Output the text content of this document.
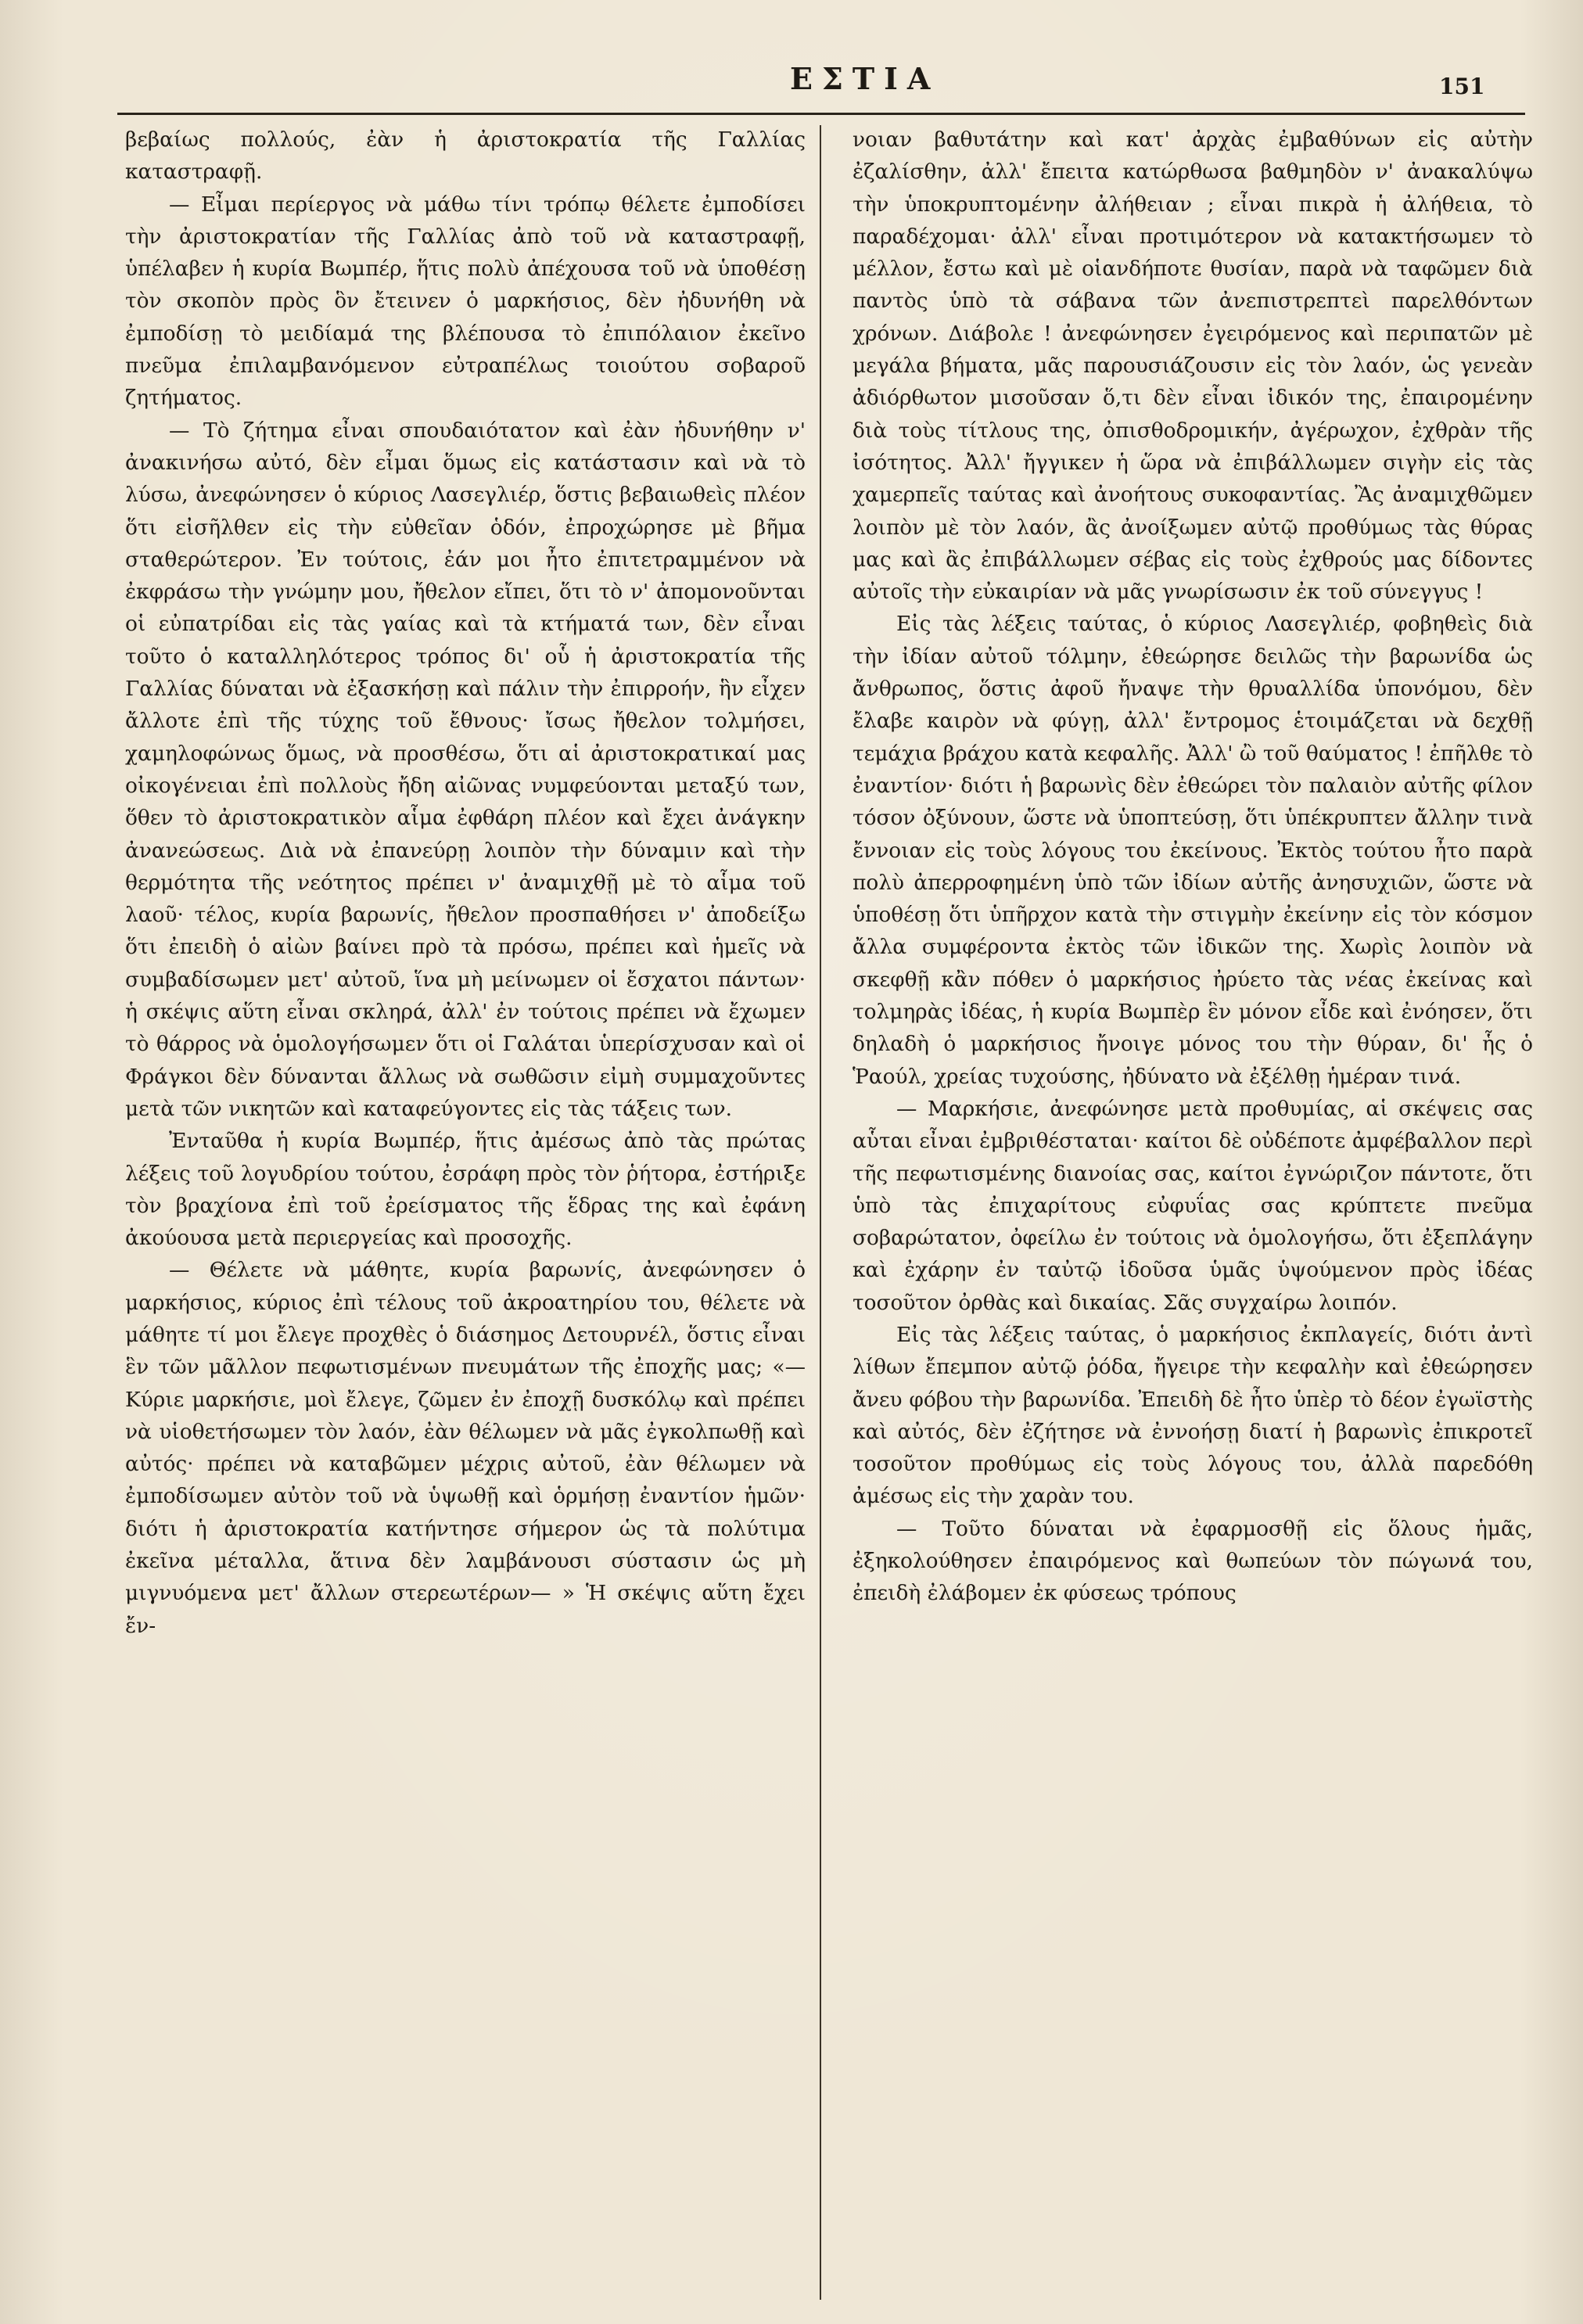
ΕΣΤΙΑ	151

βεβαίως πολλούς, ἐὰν ἡ ἀριστοκρατία τῆς Γαλλίας καταστραφῇ.

— Εἶμαι περίεργος νὰ μάθω τίνι τρόπῳ θέλετε ἐμποδίσει τὴν ἀριστοκρατίαν τῆς Γαλλίας ἀπὸ τοῦ νὰ καταστραφῇ, ὑπέλαβεν ἡ κυρία Βωμπέρ, ἥτις πολὺ ἀπέχουσα τοῦ νὰ ὑποθέσῃ τὸν σκοπὸν πρὸς ὃν ἔτεινεν ὁ μαρκήσιος, δὲν ἠδυνήθη νὰ ἐμποδίσῃ τὸ μειδίαμά της βλέπουσα τὸ ἐπιπόλαιον ἐκεῖνο πνεῦμα ἐπιλαμβανόμενον εὐτραπέλως τοιούτου σοβαροῦ ζητήματος.

— Τὸ ζήτημα εἶναι σπουδαιότατον καὶ ἐὰν ἠδυνήθην ν' ἀνακινήσω αὐτό, δὲν εἶμαι ὅμως εἰς κατάστασιν καὶ νὰ τὸ λύσω, ἀνεφώνησεν ὁ κύριος Λασεγλιέρ, ὅστις βεβαιωθεὶς πλέον ὅτι εἰσῆλθεν εἰς τὴν εὐθεῖαν ὁδόν, ἐπροχώρησε μὲ βῆμα σταθερώτερον. Ἐν τούτοις, ἐάν μοι ἦτο ἐπιτετραμμένον νὰ ἐκφράσω τὴν γνώμην μου, ἤθελον εἴπει, ὅτι τὸ ν' ἀπομονοῦνται οἱ εὐπατρίδαι εἰς τὰς γαίας καὶ τὰ κτήματά των, δὲν εἶναι τοῦτο ὁ καταλληλότερος τρόπος δι' οὗ ἡ ἀριστοκρατία τῆς Γαλλίας δύναται νὰ ἐξασκήσῃ καὶ πάλιν τὴν ἐπιρροήν, ἣν εἶχεν ἄλλοτε ἐπὶ τῆς τύχης τοῦ ἔθνους· ἴσως ἤθελον τολμήσει, χαμηλοφώνως ὅμως, νὰ προσθέσω, ὅτι αἱ ἀριστοκρατικαί μας οἰκογένειαι ἐπὶ πολλοὺς ἤδη αἰῶνας νυμφεύονται μεταξύ των, ὅθεν τὸ ἀριστοκρατικὸν αἷμα ἐφθάρη πλέον καὶ ἔχει ἀνάγκην ἀνανεώσεως. Διὰ νὰ ἐπανεύρῃ λοιπὸν τὴν δύναμιν καὶ τὴν θερμότητα τῆς νεότητος πρέπει ν' ἀναμιχθῇ μὲ τὸ αἷμα τοῦ λαοῦ· τέλος, κυρία βαρωνίς, ἤθελον προσπαθήσει ν' ἀποδείξω ὅτι ἐπειδὴ ὁ αἰὼν βαίνει πρὸ τὰ πρόσω, πρέπει καὶ ἡμεῖς νὰ συμβαδίσωμεν μετ' αὐτοῦ, ἵνα μὴ μείνωμεν οἱ ἔσχατοι πάντων· ἡ σκέψις αὕτη εἶναι σκληρά, ἀλλ' ἐν τούτοις πρέπει νὰ ἔχωμεν τὸ θάρρος νὰ ὁμολογήσωμεν ὅτι οἱ Γαλάται ὑπερίσχυσαν καὶ οἱ Φράγκοι δὲν δύνανται ἄλλως νὰ σωθῶσιν εἰμὴ συμμαχοῦντες μετὰ τῶν νικητῶν καὶ καταφεύγοντες εἰς τὰς τάξεις των.

Ἐνταῦθα ἡ κυρία Βωμπέρ, ἥτις ἀμέσως ἀπὸ τὰς πρώτας λέξεις τοῦ λογυδρίου τούτου, ἐσράφη πρὸς τὸν ῥήτορα, ἐστήριξε τὸν βραχίονα ἐπὶ τοῦ ἐρείσματος τῆς ἕδρας της καὶ ἐφάνη ἀκούουσα μετὰ περιεργείας καὶ προσοχῆς.

— Θέλετε νὰ μάθητε, κυρία βαρωνίς, ἀνεφώνησεν ὁ μαρκήσιος, κύριος ἐπὶ τέλους τοῦ ἀκροατηρίου του, θέλετε νὰ μάθητε τί μοι ἔλεγε προχθὲς ὁ διάσημος Δετουρνέλ, ὅστις εἶναι ἓν τῶν μᾶλλον πεφωτισμένων πνευμάτων τῆς ἐποχῆς μας; «— Κύριε μαρκήσιε, μοὶ ἔλεγε, ζῶμεν ἐν ἐποχῇ δυσκόλῳ καὶ πρέπει νὰ υἱοθετήσωμεν τὸν λαόν, ἐὰν θέλωμεν νὰ μᾶς ἐγκολπωθῇ καὶ αὐτός· πρέπει νὰ καταβῶμεν μέχρις αὐτοῦ, ἐὰν θέλωμεν νὰ ἐμποδίσωμεν αὐτὸν τοῦ νὰ ὑψωθῇ καὶ ὁρμήσῃ ἐναντίον ἡμῶν· διότι ἡ ἀριστοκρατία κατήντησε σήμερον ὡς τὰ πολύτιμα ἐκεῖνα μέταλλα, ἅτινα δὲν λαμβάνουσι σύστασιν ὡς μὴ μιγνυόμενα μετ' ἄλλων στερεωτέρων— » Ἡ σκέψις αὕτη ἔχει ἔν-

νοιαν βαθυτάτην καὶ κατ' ἀρχὰς ἐμβαθύνων εἰς αὐτὴν ἐζαλίσθην, ἀλλ' ἔπειτα κατώρθωσα βαθμηδὸν ν' ἀνακαλύψω τὴν ὑποκρυπτομένην ἀλήθειαν ; εἶναι πικρὰ ἡ ἀλήθεια, τὸ παραδέχομαι· ἀλλ' εἶναι προτιμότερον νὰ κατακτήσωμεν τὸ μέλλον, ἔστω καὶ μὲ οἱανδήποτε θυσίαν, παρὰ νὰ ταφῶμεν διὰ παντὸς ὑπὸ τὰ σάβανα τῶν ἀνεπιστρεπτεὶ παρελθόντων χρόνων. Διάβολε ! ἀνεφώνησεν ἐγειρόμενος καὶ περιπατῶν μὲ μεγάλα βήματα, μᾶς παρουσιάζουσιν εἰς τὸν λαόν, ὡς γενεὰν ἀδιόρθωτον μισοῦσαν ὅ,τι δὲν εἶναι ἰδικόν της, ἐπαιρομένην διὰ τοὺς τίτλους της, ὀπισθοδρομικήν, ἀγέρωχον, ἐχθρὰν τῆς ἰσότητος. Ἀλλ' ἤγγικεν ἡ ὥρα νὰ ἐπιβάλλωμεν σιγὴν εἰς τὰς χαμερπεῖς ταύτας καὶ ἀνοήτους συκοφαντίας. Ἂς ἀναμιχθῶμεν λοιπὸν μὲ τὸν λαόν, ἂς ἀνοίξωμεν αὐτῷ προθύμως τὰς θύρας μας καὶ ἂς ἐπιβάλλωμεν σέβας εἰς τοὺς ἐχθρούς μας δίδοντες αὐτοῖς τὴν εὐκαιρίαν νὰ μᾶς γνωρίσωσιν ἐκ τοῦ σύνεγγυς !

Εἰς τὰς λέξεις ταύτας, ὁ κύριος Λασεγλιέρ, φοβηθεὶς διὰ τὴν ἰδίαν αὐτοῦ τόλμην, ἐθεώρησε δειλῶς τὴν βαρωνίδα ὡς ἄνθρωπος, ὅστις ἀφοῦ ἤναψε τὴν θρυαλλίδα ὑπονόμου, δὲν ἔλαβε καιρὸν νὰ φύγῃ, ἀλλ' ἔντρομος ἑτοιμάζεται νὰ δεχθῇ τεμάχια βράχου κατὰ κεφαλῆς. Ἀλλ' ὢ τοῦ θαύματος ! ἐπῆλθε τὸ ἐναντίον· διότι ἡ βαρωνὶς δὲν ἐθεώρει τὸν παλαιὸν αὐτῆς φίλον τόσον ὀξύνουν, ὥστε νὰ ὑποπτεύσῃ, ὅτι ὑπέκρυπτεν ἄλλην τινὰ ἔννοιαν εἰς τοὺς λόγους του ἐκείνους. Ἐκτὸς τούτου ἦτο παρὰ πολὺ ἀπερροφημένη ὑπὸ τῶν ἰδίων αὐτῆς ἀνησυχιῶν, ὥστε νὰ ὑποθέσῃ ὅτι ὑπῆρχον κατὰ τὴν στιγμὴν ἐκείνην εἰς τὸν κόσμον ἄλλα συμφέροντα ἐκτὸς τῶν ἰδικῶν της. Χωρὶς λοιπὸν νὰ σκεφθῇ κἂν πόθεν ὁ μαρκήσιος ἠρύετο τὰς νέας ἐκείνας καὶ τολμηρὰς ἰδέας, ἡ κυρία Βωμπὲρ ἓν μόνον εἶδε καὶ ἐνόησεν, ὅτι δηλαδὴ ὁ μαρκήσιος ἤνοιγε μόνος του τὴν θύραν, δι' ἧς ὁ Ῥαούλ, χρείας τυχούσης, ἠδύνατο νὰ ἐξέλθῃ ἡμέραν τινά.

— Μαρκήσιε, ἀνεφώνησε μετὰ προθυμίας, αἱ σκέψεις σας αὗται εἶναι ἐμβριθέσταται· καίτοι δὲ οὐδέποτε ἀμφέβαλλον περὶ τῆς πεφωτισμένης διανοίας σας, καίτοι ἐγνώριζον πάντοτε, ὅτι ὑπὸ τὰς ἐπιχαρίτους εὐφυΐας σας κρύπτετε πνεῦμα σοβαρώτατον, ὀφείλω ἐν τούτοις νὰ ὁμολογήσω, ὅτι ἐξεπλάγην καὶ ἐχάρην ἐν ταὐτῷ ἰδοῦσα ὑμᾶς ὑψούμενον πρὸς ἰδέας τοσοῦτον ὀρθὰς καὶ δικαίας. Σᾶς συγχαίρω λοιπόν.

Εἰς τὰς λέξεις ταύτας, ὁ μαρκήσιος ἐκπλαγείς, διότι ἀντὶ λίθων ἔπεμπον αὐτῷ ῥόδα, ἤγειρε τὴν κεφαλὴν καὶ ἐθεώρησεν ἄνευ φόβου τὴν βαρωνίδα. Ἐπειδὴ δὲ ἦτο ὑπὲρ τὸ δέον ἐγωϊστὴς καὶ αὐτός, δὲν ἐζήτησε νὰ ἐννοήσῃ διατί ἡ βαρωνὶς ἐπικροτεῖ τοσοῦτον προθύμως εἰς τοὺς λόγους του, ἀλλὰ παρεδόθη ἀμέσως εἰς τὴν χαρὰν του.

— Τοῦτο δύναται νὰ ἐφαρμοσθῇ εἰς ὅλους ἡμᾶς, ἐξηκολούθησεν ἐπαιρόμενος καὶ θωπεύων τὸν πώγωνά του, ἐπειδὴ ἐλάβομεν ἐκ φύσεως τρόπους
